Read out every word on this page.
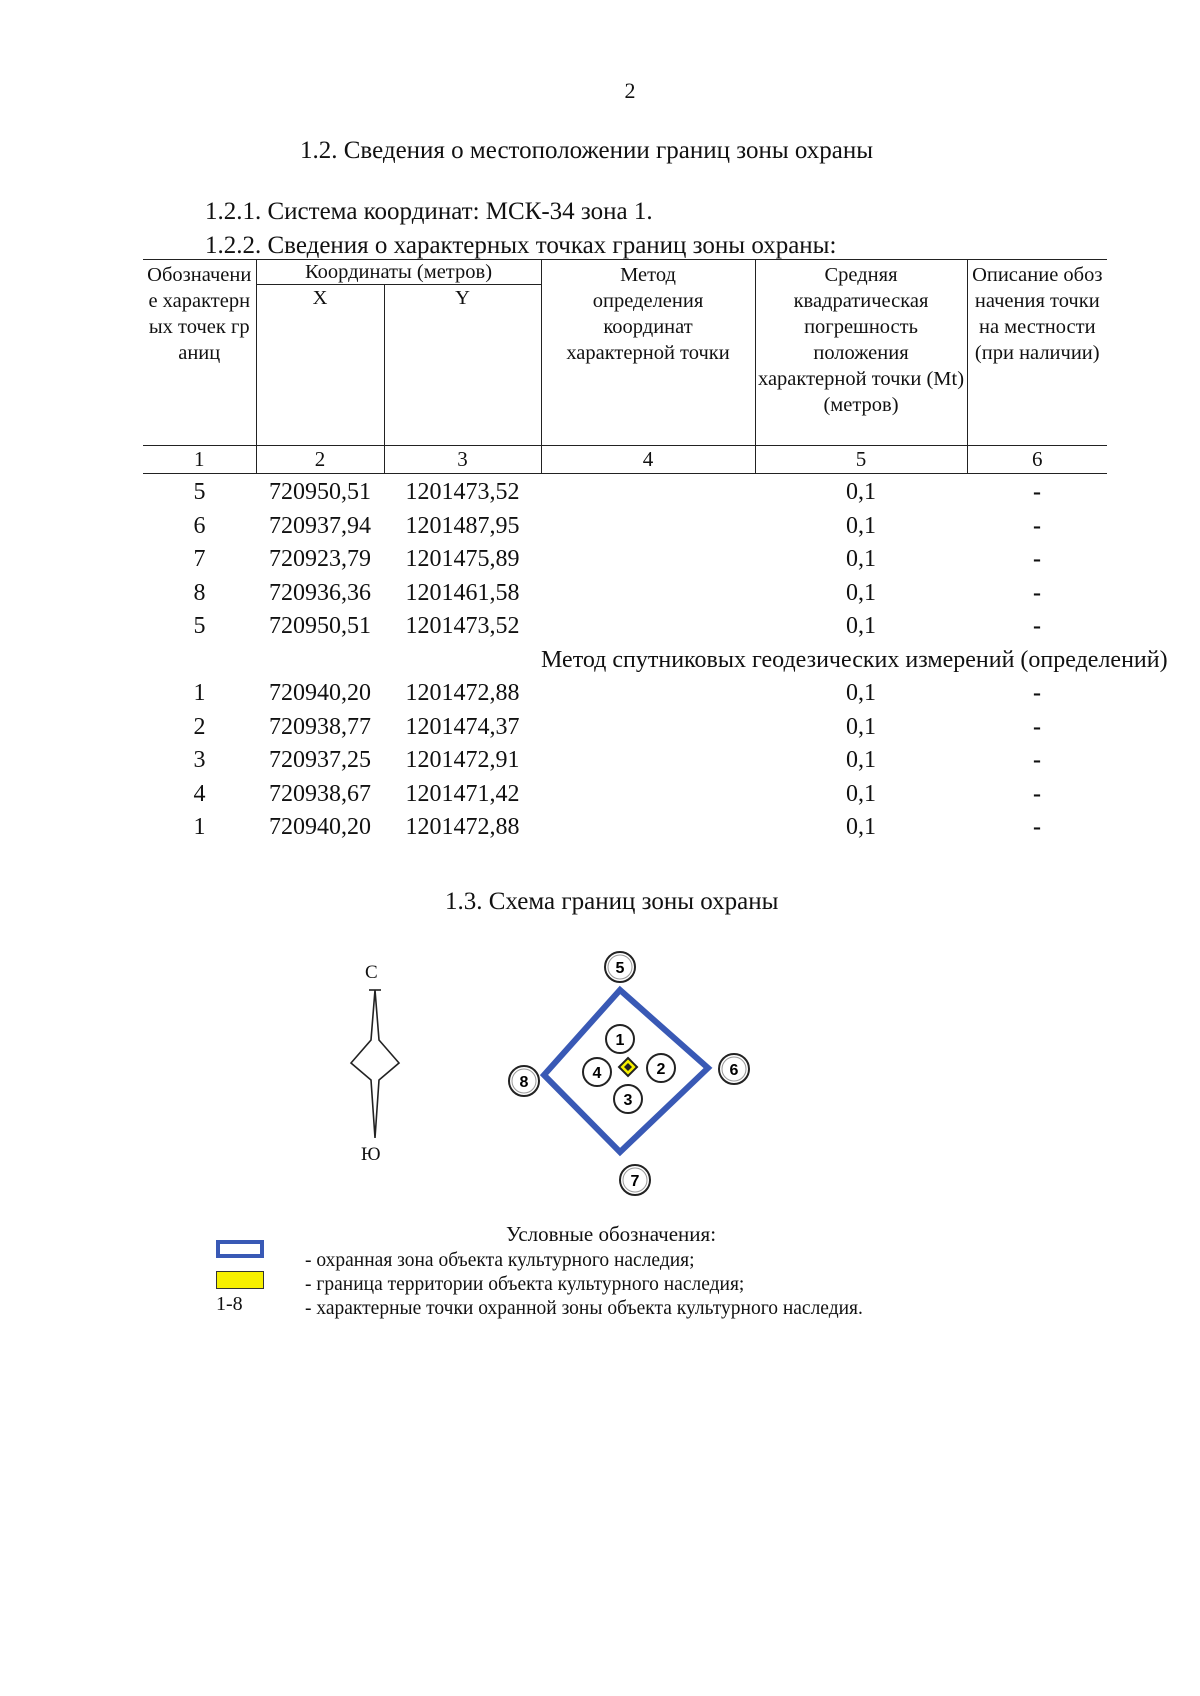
2
1.2. Сведения о местоположении границ зоны охраны
1.2.1. Система координат: МСК-34 зона 1.
1.2.2. Сведения о характерных точках границ зоны охраны:
Обозначение характерных точек границ	Координаты (метров)		Метод определения координат характерной точки	Средняя квадратическая погрешность положения характерной точки (Mt) (метров)	Описание обозначения точки на местности (при наличии)
	X	Y			
1	2	3	4	5	6
5	720950,51	1201473,52	Метод спутниковых геодезических измерений (определений)	0,1	-
6	720937,94	1201487,95		0,1	-
7	720923,79	1201475,89		0,1	-
8	720936,36	1201461,58		0,1	-
5	720950,51	1201473,52		0,1	-

1	720940,20	1201472,88		0,1	-
2	720938,77	1201474,37		0,1	-
3	720937,25	1201472,91		0,1	-
4	720938,67	1201471,42		0,1	-
1	720940,20	1201472,88		0,1	-
1.3. Схема границ зоны охраны
С
Ю
5
6
7
8
1
2
3
4
Условные обозначения:
1-8
- охранная зона объекта культурного наследия;
- граница территории объекта культурного наследия;
- характерные точки охранной зоны объекта культурного наследия.
